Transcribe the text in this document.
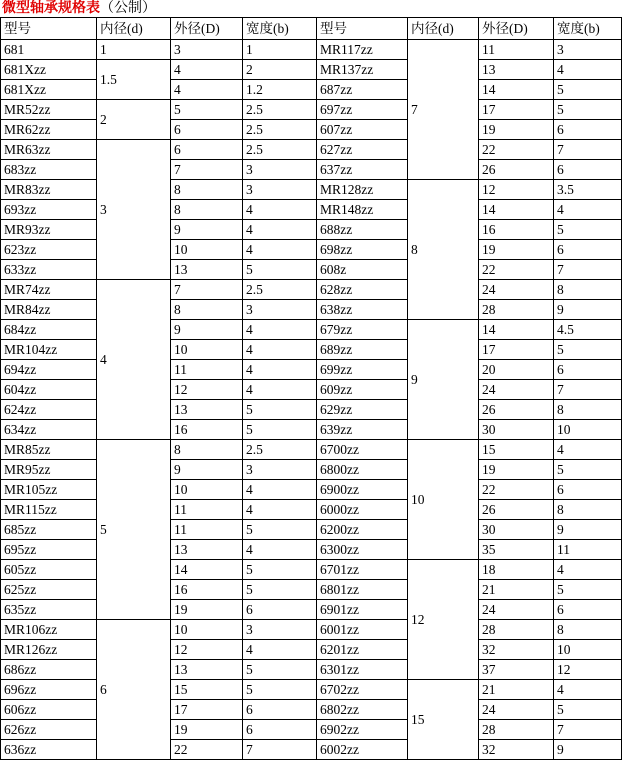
微型轴承规格表（公制）
型号	内径(d)	外径(D)	宽度(b)	型号	内径(d)	外径(D)	宽度(b)
681	1	3	1	MR117zz	7	11	3
681Xzz	1.5	4	2	MR137zz		13	4
681Xzz		4	1.2	687zz		14	5
MR52zz	2	5	2.5	697zz		17	5
MR62zz		6	2.5	607zz		19	6
MR63zz	3	6	2.5	627zz		22	7
683zz		7	3	637zz		26	6
MR83zz		8	3	MR128zz	8	12	3.5
693zz		8	4	MR148zz		14	4
MR93zz		9	4	688zz		16	5
623zz		10	4	698zz		19	6
633zz		13	5	608z		22	7
MR74zz	4	7	2.5	628zz		24	8
MR84zz		8	3	638zz		28	9
684zz		9	4	679zz	9	14	4.5
MR104zz		10	4	689zz		17	5
694zz		11	4	699zz		20	6
604zz		12	4	609zz		24	7
624zz		13	5	629zz		26	8
634zz		16	5	639zz		30	10
MR85zz	5	8	2.5	6700zz	10	15	4
MR95zz		9	3	6800zz		19	5
MR105zz		10	4	6900zz		22	6
MR115zz		11	4	6000zz		26	8
685zz		11	5	6200zz		30	9
695zz		13	4	6300zz		35	11
605zz		14	5	6701zz	12	18	4
625zz		16	5	6801zz		21	5
635zz		19	6	6901zz		24	6
MR106zz	6	10	3	6001zz		28	8
MR126zz		12	4	6201zz		32	10
686zz		13	5	6301zz		37	12
696zz		15	5	6702zz	15	21	4
606zz		17	6	6802zz		24	5
626zz		19	6	6902zz		28	7
636zz		22	7	6002zz		32	9
